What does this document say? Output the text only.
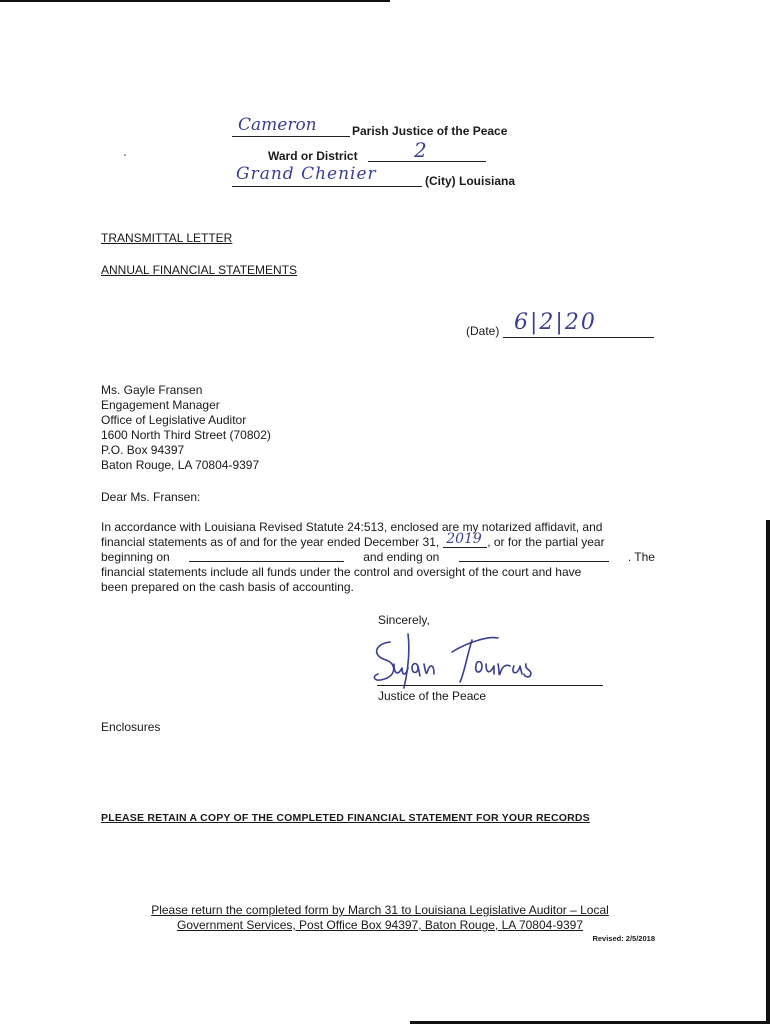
Cameron	Parish Justice of the Peace
Ward or District	2
Grand Chenier	(City) Louisiana
TRANSMITTAL LETTER
ANNUAL FINANCIAL STATEMENTS
(Date) 6|2|20
Ms. Gayle Fransen
Engagement Manager
Office of Legislative Auditor
1600 North Third Street (70802)
P.O. Box 94397
Baton Rouge, LA 70804-9397
Dear Ms. Fransen:
In accordance with Louisiana Revised Statute 24:513, enclosed are my notarized affidavit, and
financial statements as of and for the year ended December 31, 2019 , or for the partial year
beginning on	and ending on	. The
financial statements include all funds under the control and oversight of the court and have
been prepared on the cash basis of accounting.
Sincerely,
Justice of the Peace
Enclosures
PLEASE RETAIN A COPY OF THE COMPLETED FINANCIAL STATEMENT FOR YOUR RECORDS
Please return the completed form by March 31 to Louisiana Legislative Auditor – Local
Government Services, Post Office Box 94397, Baton Rouge, LA 70804-9397
Revised: 2/5/2018
